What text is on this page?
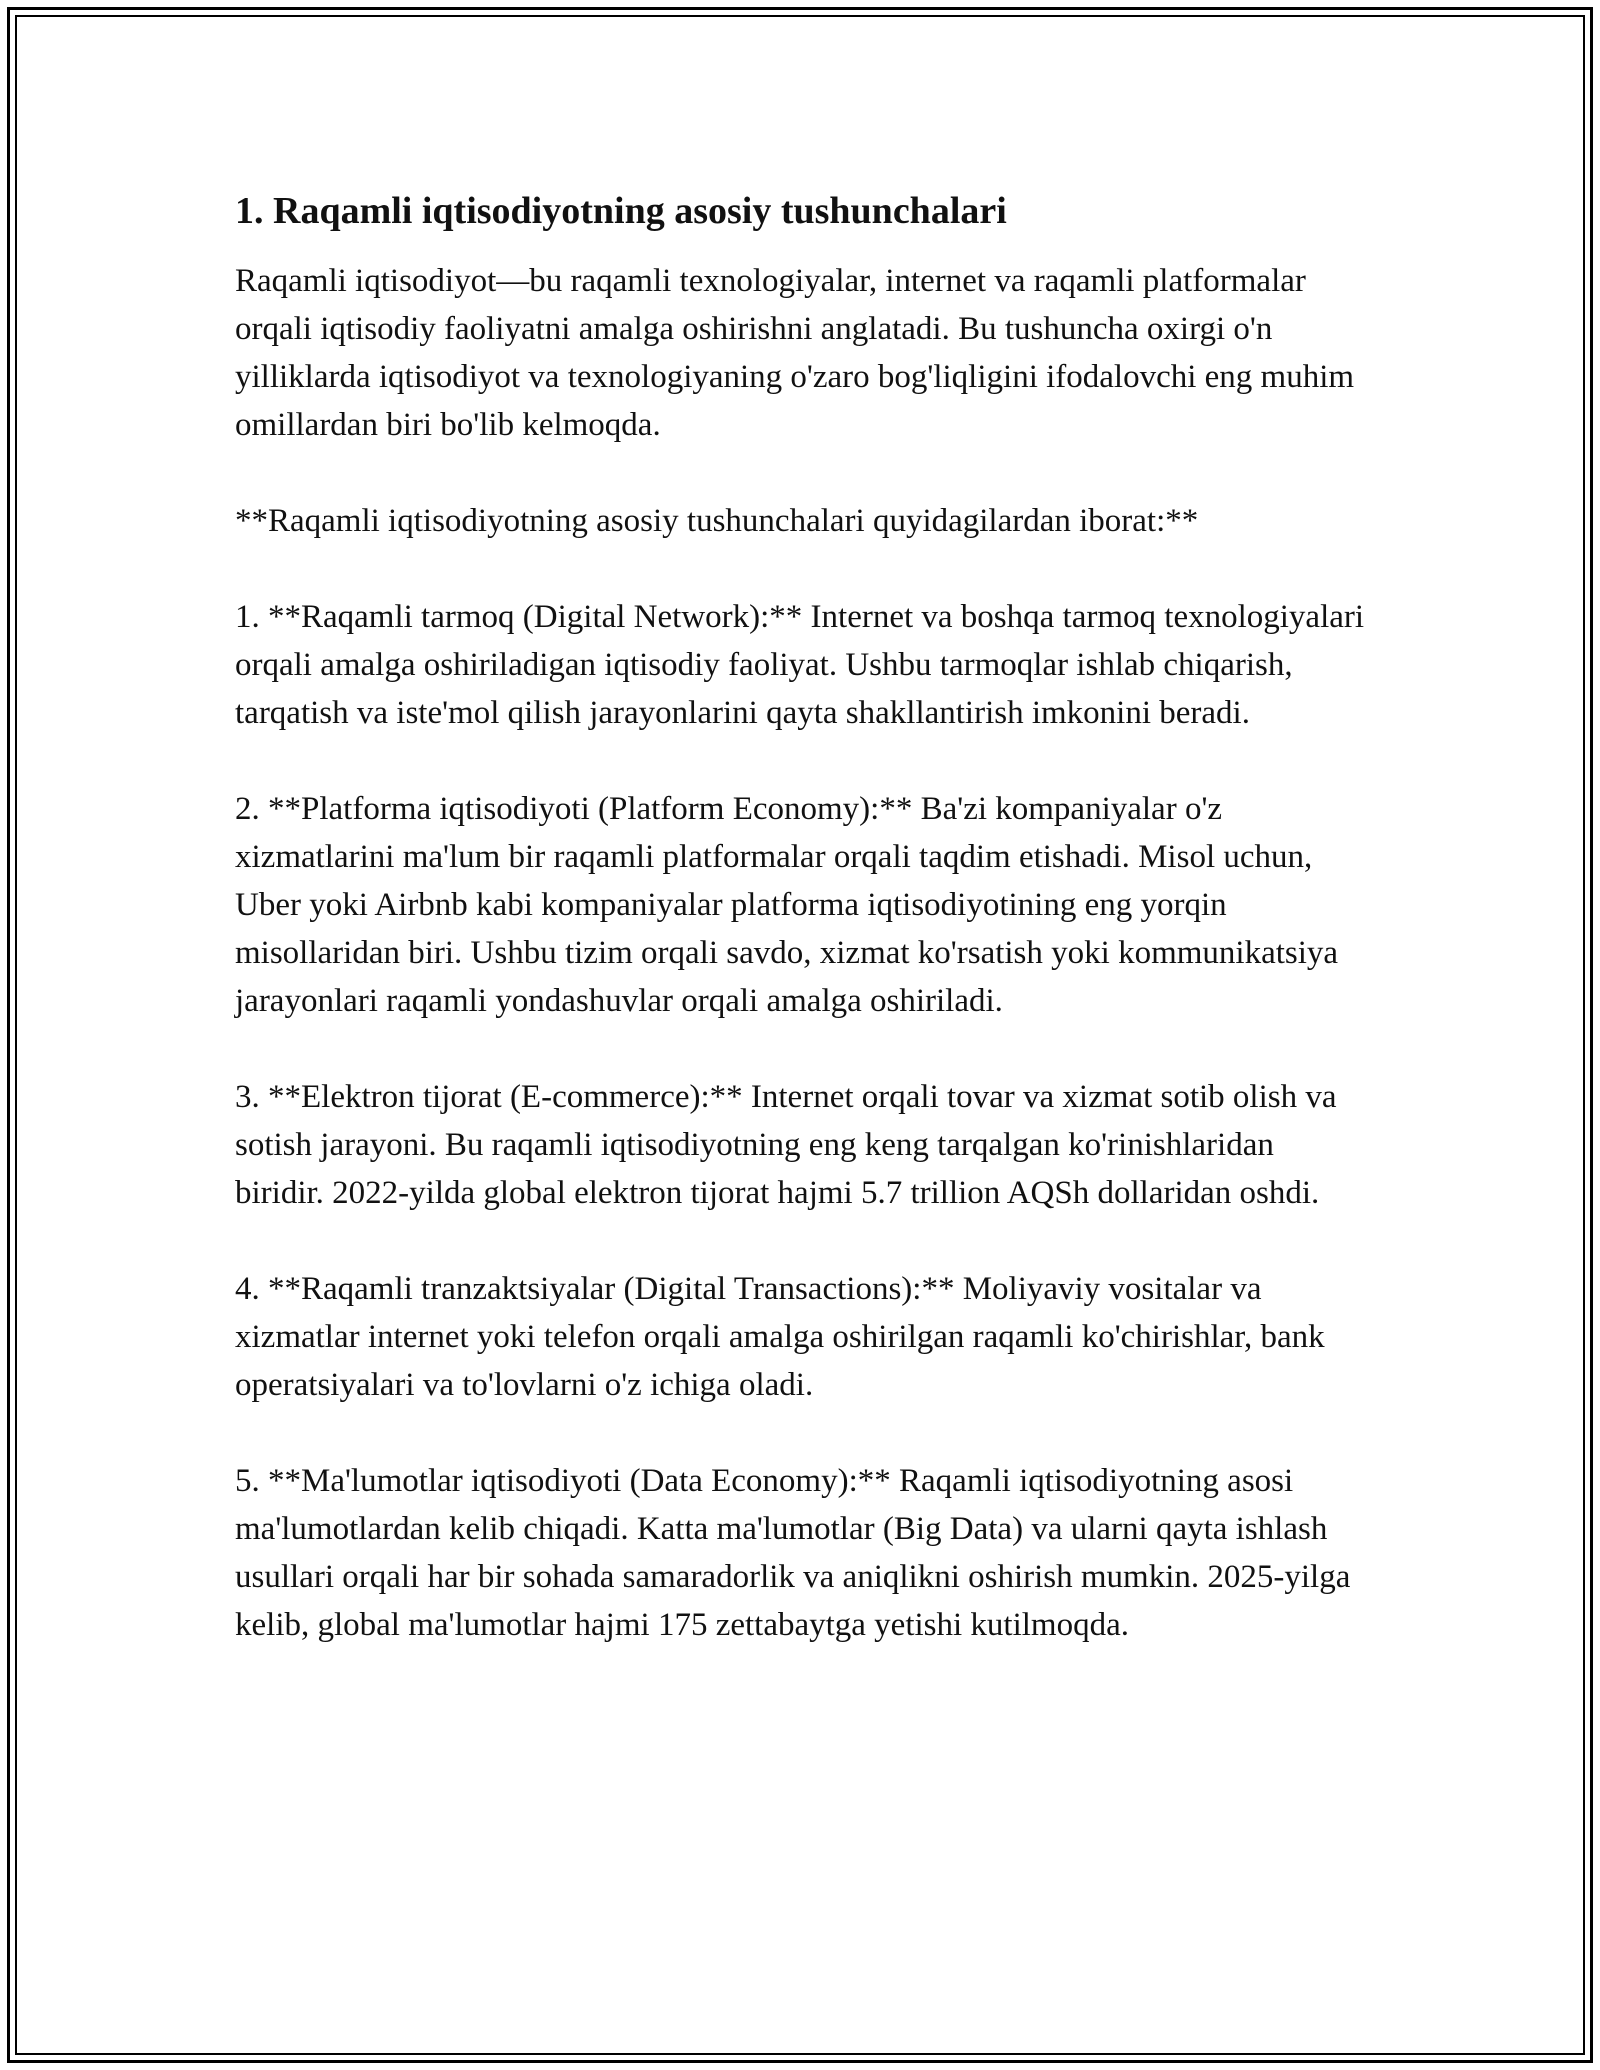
1. Raqamli iqtisodiyotning asosiy tushunchalari

Raqamli iqtisodiyot—bu raqamli texnologiyalar, internet va raqamli platformalar orqali iqtisodiy faoliyatni amalga oshirishni anglatadi. Bu tushuncha oxirgi o'n yilliklarda iqtisodiyot va texnologiyaning o'zaro bog'liqligini ifodalovchi eng muhim omillardan biri bo'lib kelmoqda.

**Raqamli iqtisodiyotning asosiy tushunchalari quyidagilardan iborat:**

1. **Raqamli tarmoq (Digital Network):** Internet va boshqa tarmoq texnologiyalari orqali amalga oshiriladigan iqtisodiy faoliyat. Ushbu tarmoqlar ishlab chiqarish, tarqatish va iste'mol qilish jarayonlarini qayta shakllantirish imkonini beradi.

2. **Platforma iqtisodiyoti (Platform Economy):** Ba'zi kompaniyalar o'z xizmatlarini ma'lum bir raqamli platformalar orqali taqdim etishadi. Misol uchun, Uber yoki Airbnb kabi kompaniyalar platforma iqtisodiyotining eng yorqin misollaridan biri. Ushbu tizim orqali savdo, xizmat ko'rsatish yoki kommunikatsiya jarayonlari raqamli yondashuvlar orqali amalga oshiriladi.

3. **Elektron tijorat (E-commerce):** Internet orqali tovar va xizmat sotib olish va sotish jarayoni. Bu raqamli iqtisodiyotning eng keng tarqalgan ko'rinishlaridan biridir. 2022-yilda global elektron tijorat hajmi 5.7 trillion AQSh dollaridan oshdi.

4. **Raqamli tranzaktsiyalar (Digital Transactions):** Moliyaviy vositalar va xizmatlar internet yoki telefon orqali amalga oshirilgan raqamli ko'chirishlar, bank operatsiyalari va to'lovlarni o'z ichiga oladi.

5. **Ma'lumotlar iqtisodiyoti (Data Economy):** Raqamli iqtisodiyotning asosi ma'lumotlardan kelib chiqadi. Katta ma'lumotlar (Big Data) va ularni qayta ishlash usullari orqali har bir sohada samaradorlik va aniqlikni oshirish mumkin. 2025-yilga kelib, global ma'lumotlar hajmi 175 zettabaytga yetishi kutilmoqda.
